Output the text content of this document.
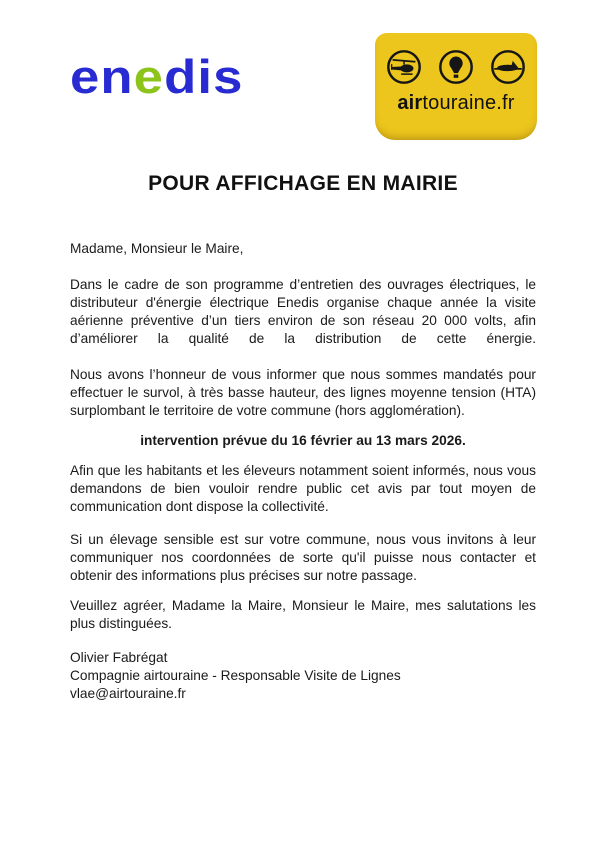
enedis	airtouraine.fr
POUR AFFICHAGE EN MAIRIE

Madame, Monsieur le Maire,

Dans le cadre de son programme d’entretien des ouvrages électriques, le distributeur d'énergie électrique Enedis organise chaque année la visite aérienne préventive d’un tiers environ de son réseau 20 000 volts, afin d’améliorer la qualité de la distribution de cette énergie.

Nous avons l’honneur de vous informer que nous sommes mandatés pour effectuer le survol, à très basse hauteur, des lignes moyenne tension (HTA) surplombant le territoire de votre commune (hors agglomération).

intervention prévue du 16 février au 13 mars 2026.

Afin que les habitants et les éleveurs notamment soient informés, nous vous demandons de bien vouloir rendre public cet avis par tout moyen de communication dont dispose la collectivité.

Si un élevage sensible est sur votre commune, nous vous invitons à leur communiquer nos coordonnées de sorte qu'il puisse nous contacter et obtenir des informations plus précises sur notre passage.

Veuillez agréer, Madame la Maire, Monsieur le Maire, mes salutations les plus distinguées.

Olivier Fabrégat
Compagnie airtouraine - Responsable Visite de Lignes
vlae@airtouraine.fr
